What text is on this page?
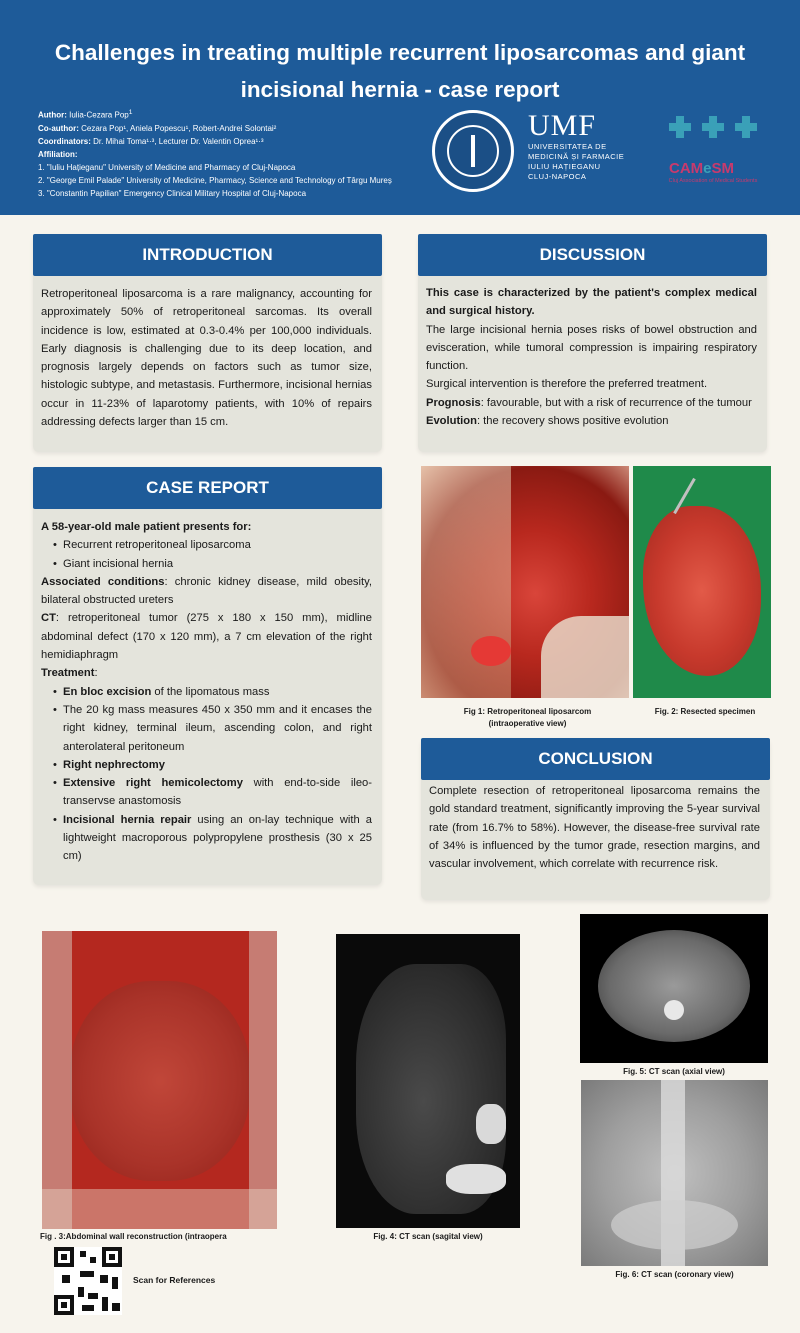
Challenges in treating multiple recurrent liposarcomas and giant
incisional hernia - case report
Author: Iulia-Cezara Pop$^1$
Co-author: Cezara Pop¹, Aniela Popescu¹, Robert-Andrei Solontai²
Coordinators: Dr. Mihai Toma¹·³, Lecturer Dr. Valentin Oprea¹·³
Affiliation:
1. "Iuliu Hațieganu" University of Medicine and Pharmacy of Cluj-Napoca
2. "George Emil Palade" University of Medicine, Pharmacy, Science and Technology of Târgu Mureș
3. "Constantin Papilian" Emergency Clinical Military Hospital of Cluj-Napoca
UMF
UNIVERSITATEA DE
MEDICINĂ ȘI FARMACIE
IULIU HAȚIEGANU
CLUJ-NAPOCA	CAMeSM
Cluj Association of Medical Students
INTRODUCTION
Retroperitoneal liposarcoma is a rare malignancy, accounting for approximately 50% of retroperitoneal sarcomas. Its overall incidence is low, estimated at 0.3-0.4% per 100,000 individuals. Early diagnosis is challenging due to its deep location, and prognosis largely depends on factors such as tumor size, histologic subtype, and metastasis. Furthermore, incisional hernias occur in 11-23% of laparotomy patients, with 10% of repairs addressing defects larger than 15 cm.
CASE REPORT
A 58-year-old male patient presents for:
• Recurrent retroperitoneal liposarcoma
• Giant incisional hernia
Associated conditions: chronic kidney disease, mild obesity, bilateral obstructed ureters
CT: retroperitoneal tumor (275 x 180 x 150 mm), midline abdominal defect (170 x 120 mm), a 7 cm elevation of the right hemidiaphragm
Treatment:
• En bloc excision of the lipomatous mass
• The 20 kg mass measures 450 x 350 mm and it encases the right kidney, terminal ileum, ascending colon, and right anterolateral peritoneum
• Right nephrectomy
• Extensive right hemicolectomy with end-to-side ileo-transervse anastomosis
• Incisional hernia repair using an on-lay technique with a lightweight macroporous polypropylene prosthesis (30 x 25 cm)
DISCUSSION
This case is characterized by the patient's complex medical and surgical history.
The large incisional hernia poses risks of bowel obstruction and evisceration, while tumoral compression is impairing respiratory function.
Surgical intervention is therefore the preferred treatment.
Prognosis: favourable, but with a risk of recurrence of the tumour
Evolution: the recovery shows positive evolution
Fig 1: Retroperitoneal liposarcom
(intraoperative view)
Fig. 2: Resected specimen
CONCLUSION
Complete resection of retroperitoneal liposarcoma remains the gold standard treatment, significantly improving the 5-year survival rate (from 16.7% to 58%). However, the disease-free survival rate of 34% is influenced by the tumor grade, resection margins, and vascular involvement, which correlate with recurrence risk.
Fig . 3:Abdominal wall reconstruction (intraopera	Fig. 4: CT scan (sagital view)
Fig. 5: CT scan (axial view)
Fig. 6: CT scan (coronary view)
Scan for References
